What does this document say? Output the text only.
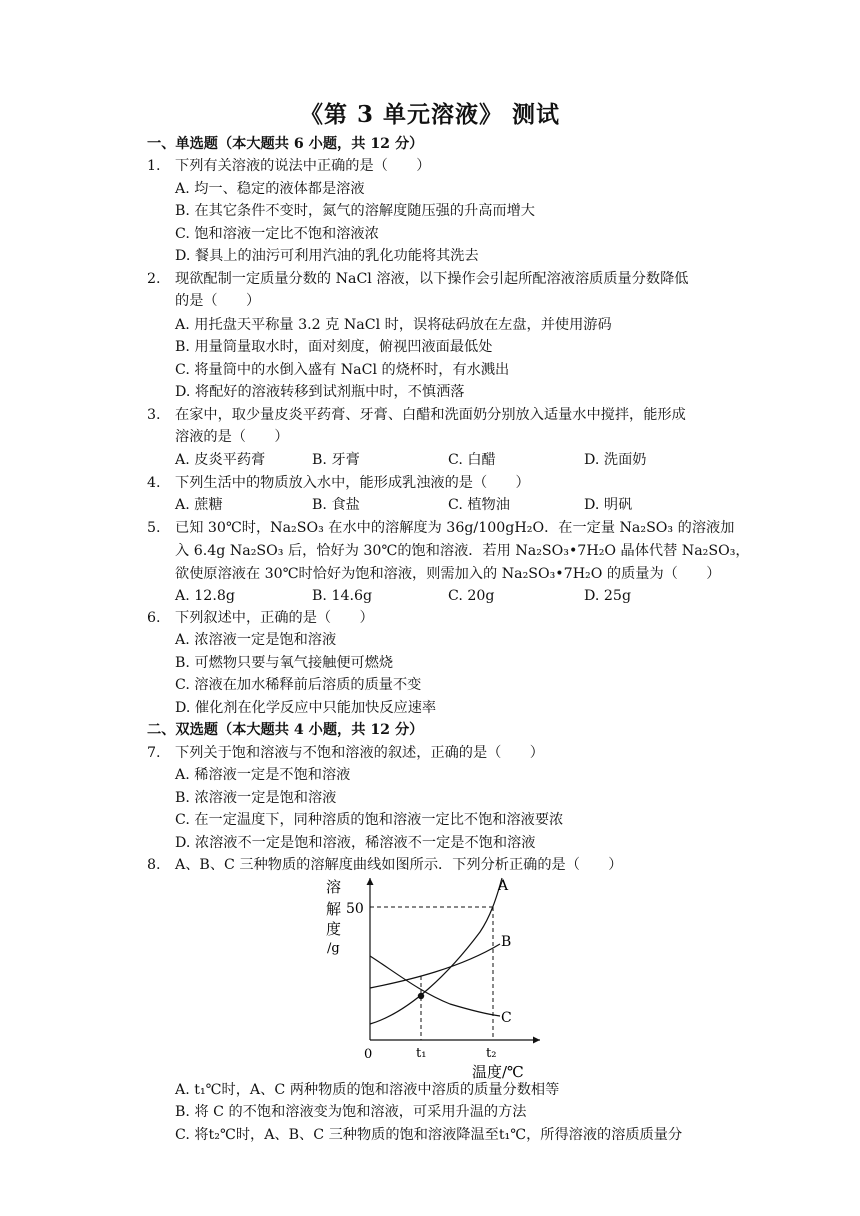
《第 3 单元溶液》 测试
一、单选题（本大题共 6 小题，共 12 分）
1. 下列有关溶液的说法中正确的是（　　）
A. 均一、稳定的液体都是溶液
B. 在其它条件不变时，氮气的溶解度随压强的升高而增大
C. 饱和溶液一定比不饱和溶液浓
D. 餐具上的油污可利用汽油的乳化功能将其洗去
2. 现欲配制一定质量分数的 NaCl 溶液，以下操作会引起所配溶液溶质质量分数降低
的是（　　）
A. 用托盘天平称量 3.2 克 NaCl 时，误将砝码放在左盘，并使用游码
B. 用量筒量取水时，面对刻度，俯视凹液面最低处
C. 将量筒中的水倒入盛有 NaCl 的烧杯时，有水溅出
D. 将配好的溶液转移到试剂瓶中时，不慎洒落
3. 在家中，取少量皮炎平药膏、牙膏、白醋和洗面奶分别放入适量水中搅拌，能形成
溶液的是（　　）
A. 皮炎平药膏	B. 牙膏	C. 白醋	D. 洗面奶
4. 下列生活中的物质放入水中，能形成乳浊液的是（　　）
A. 蔗糖	B. 食盐	C. 植物油	D. 明矾
5. 已知 30℃时，Na₂SO₃ 在水中的溶解度为 36g/100gH₂O．在一定量 Na₂SO₃ 的溶液加
入 6.4g Na₂SO₃ 后，恰好为 30℃的饱和溶液．若用 Na₂SO₃•7H₂O 晶体代替 Na₂SO₃，
欲使原溶液在 30℃时恰好为饱和溶液，则需加入的 Na₂SO₃•7H₂O 的质量为（　　）
A. 12.8g	B. 14.6g	C. 20g	D. 25g
6. 下列叙述中，正确的是（　　）
A. 浓溶液一定是饱和溶液
B. 可燃物只要与氧气接触便可燃烧
C. 溶液在加水稀释前后溶质的质量不变
D. 催化剂在化学反应中只能加快反应速率
二、双选题（本大题共 4 小题，共 12 分）
7. 下列关于饱和溶液与不饱和溶液的叙述，正确的是（　　）
A. 稀溶液一定是不饱和溶液
B. 浓溶液一定是饱和溶液
C. 在一定温度下，同种溶质的饱和溶液一定比不饱和溶液要浓
D. 浓溶液不一定是饱和溶液，稀溶液不一定是不饱和溶液
8. A、B、C 三种物质的溶解度曲线如图所示．下列分析正确的是（　　）
溶
解
度
/g
50
A
B
C
0	t₁	t₂
温度/℃
A. t₁℃时，A、C 两种物质的饱和溶液中溶质的质量分数相等
B. 将 C 的不饱和溶液变为饱和溶液，可采用升温的方法
C. 将t₂℃时，A、B、C 三种物质的饱和溶液降温至t₁℃，所得溶液的溶质质量分
